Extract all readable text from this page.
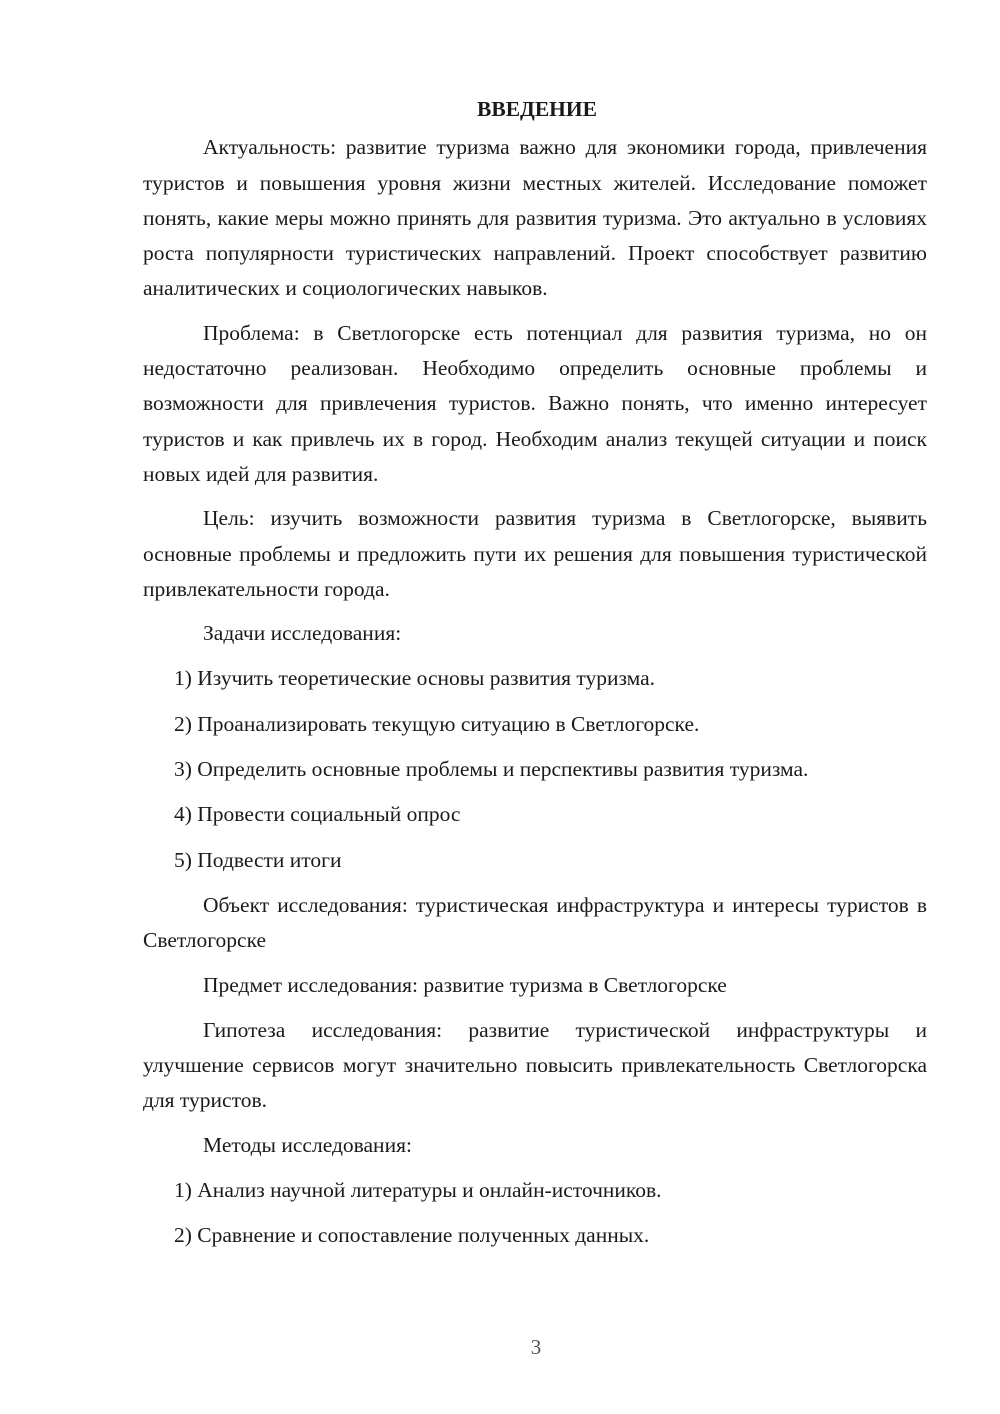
ВВЕДЕНИЕ

Актуальность: развитие туризма важно для экономики города, привлечения туристов и повышения уровня жизни местных жителей. Исследование поможет понять, какие меры можно принять для развития туризма. Это актуально в условиях роста популярности туристических направлений. Проект способствует развитию аналитических и социологических навыков.

Проблема: в Светлогорске есть потенциал для развития туризма, но он недостаточно реализован. Необходимо определить основные проблемы и возможности для привлечения туристов. Важно понять, что именно интересует туристов и как привлечь их в город. Необходим анализ текущей ситуации и поиск новых идей для развития.

Цель: изучить возможности развития туризма в Светлогорске, выявить основные проблемы и предложить пути их решения для повышения туристической привлекательности города.

Задачи исследования:

1) Изучить теоретические основы развития туризма.

2) Проанализировать текущую ситуацию в Светлогорске.

3) Определить основные проблемы и перспективы развития туризма.

4) Провести социальный опрос

5) Подвести итоги

Объект исследования: туристическая инфраструктура и интересы туристов в Светлогорске

Предмет исследования: развитие туризма в Светлогорске

Гипотеза исследования: развитие туристической инфраструктуры и улучшение сервисов могут значительно повысить привлекательность Светлогорска для туристов.

Методы исследования:

1) Анализ научной литературы и онлайн-источников.

2) Сравнение и сопоставление полученных данных.

3
